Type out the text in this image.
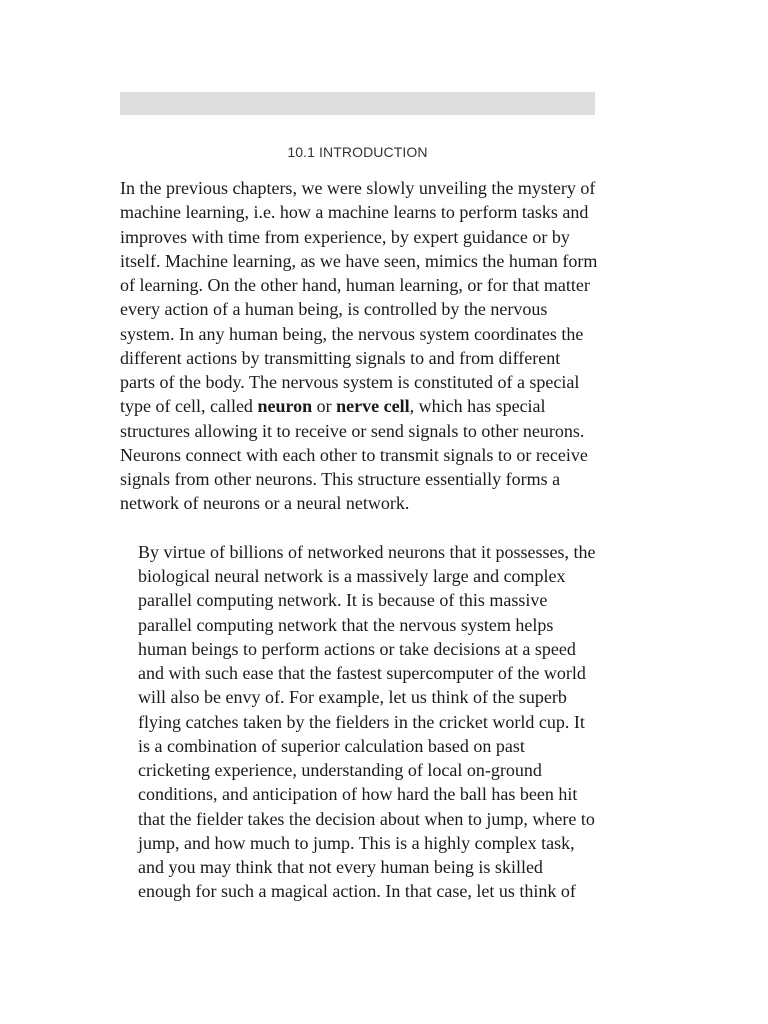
10.1 INTRODUCTION

In the previous chapters, we were slowly unveiling the mystery of machine learning, i.e. how a machine learns to perform tasks and improves with time from experience, by expert guidance or by itself. Machine learning, as we have seen, mimics the human form of learning. On the other hand, human learning, or for that matter every action of a human being, is controlled by the nervous system. In any human being, the nervous system coordinates the different actions by transmitting signals to and from different parts of the body. The nervous system is constituted of a special type of cell, called neuron or nerve cell, which has special structures allowing it to receive or send signals to other neurons. Neurons connect with each other to transmit signals to or receive signals from other neurons. This structure essentially forms a network of neurons or a neural network.

By virtue of billions of networked neurons that it possesses, the biological neural network is a massively large and complex parallel computing network. It is because of this massive parallel computing network that the nervous system helps human beings to perform actions or take decisions at a speed and with such ease that the fastest supercomputer of the world will also be envy of. For example, let us think of the superb flying catches taken by the fielders in the cricket world cup. It is a combination of superior calculation based on past cricketing experience, understanding of local on-ground conditions, and anticipation of how hard the ball has been hit that the fielder takes the decision about when to jump, where to jump, and how much to jump. This is a highly complex task, and you may think that not every human being is skilled enough for such a magical action. In that case, let us think of
